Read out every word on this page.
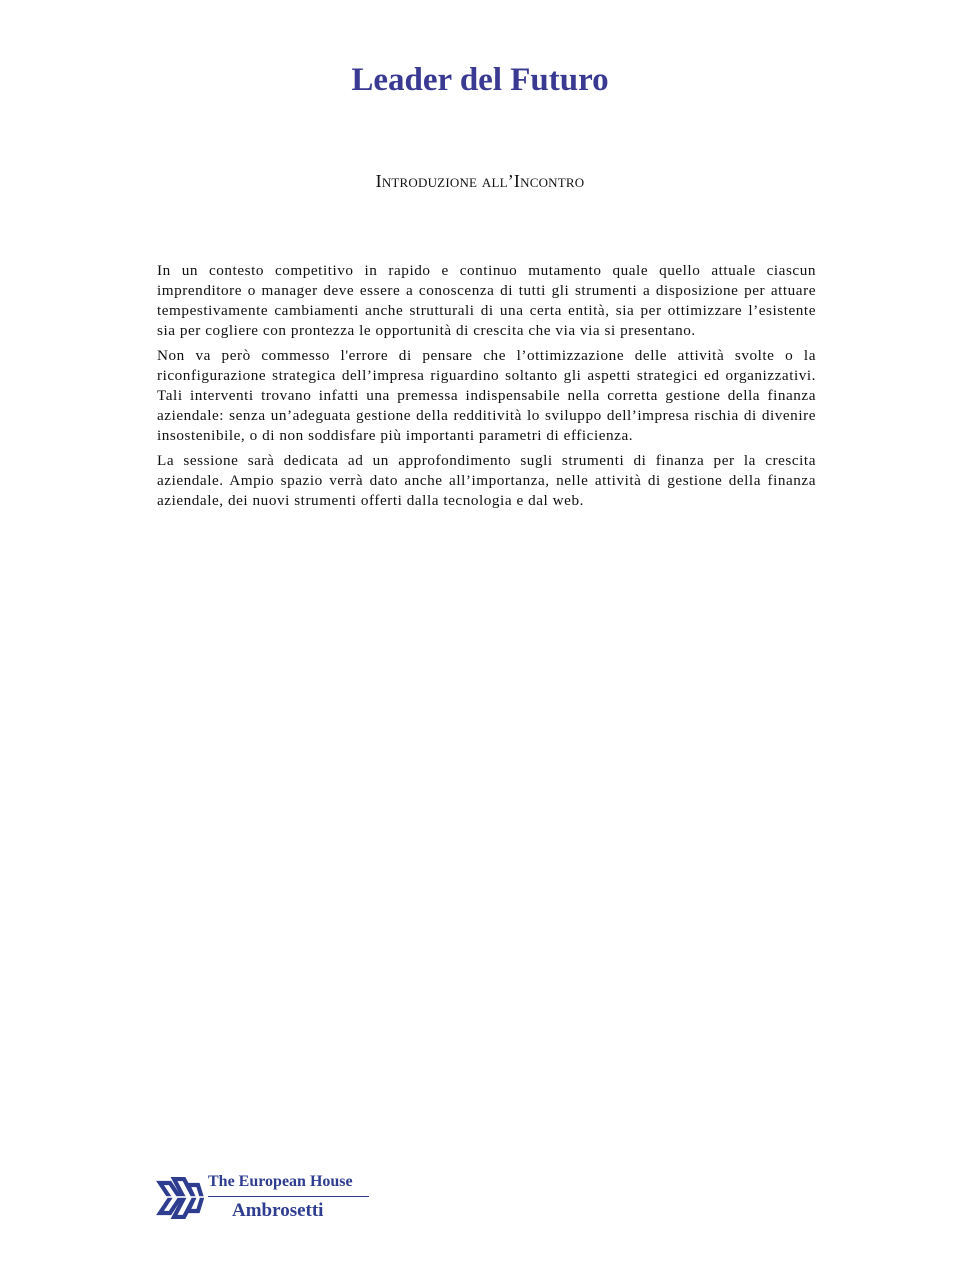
Leader del Futuro
Introduzione all’Incontro

In un contesto competitivo in rapido e continuo mutamento quale quello attuale ciascun imprenditore o manager deve essere a conoscenza di tutti gli strumenti a disposizione per attuare tempestivamente cambiamenti anche strutturali di una certa entità, sia per ottimizzare l’esistente sia per cogliere con prontezza le opportunità di crescita che via via si presentano.

Non va però commesso l'errore di pensare che l’ottimizzazione delle attività svolte o la riconfigurazione strategica dell’impresa riguardino soltanto gli aspetti strategici ed organizzativi. Tali interventi trovano infatti una premessa indispensabile nella corretta gestione della finanza aziendale: senza un’adeguata gestione della redditività lo sviluppo dell’impresa rischia di divenire insostenibile, o di non soddisfare più importanti parametri di efficienza.

La sessione sarà dedicata ad un approfondimento sugli strumenti di finanza per la crescita aziendale. Ampio spazio verrà dato anche all’importanza, nelle attività di gestione della finanza aziendale, dei nuovi strumenti offerti dalla tecnologia e dal web.

The European House
Ambrosetti
